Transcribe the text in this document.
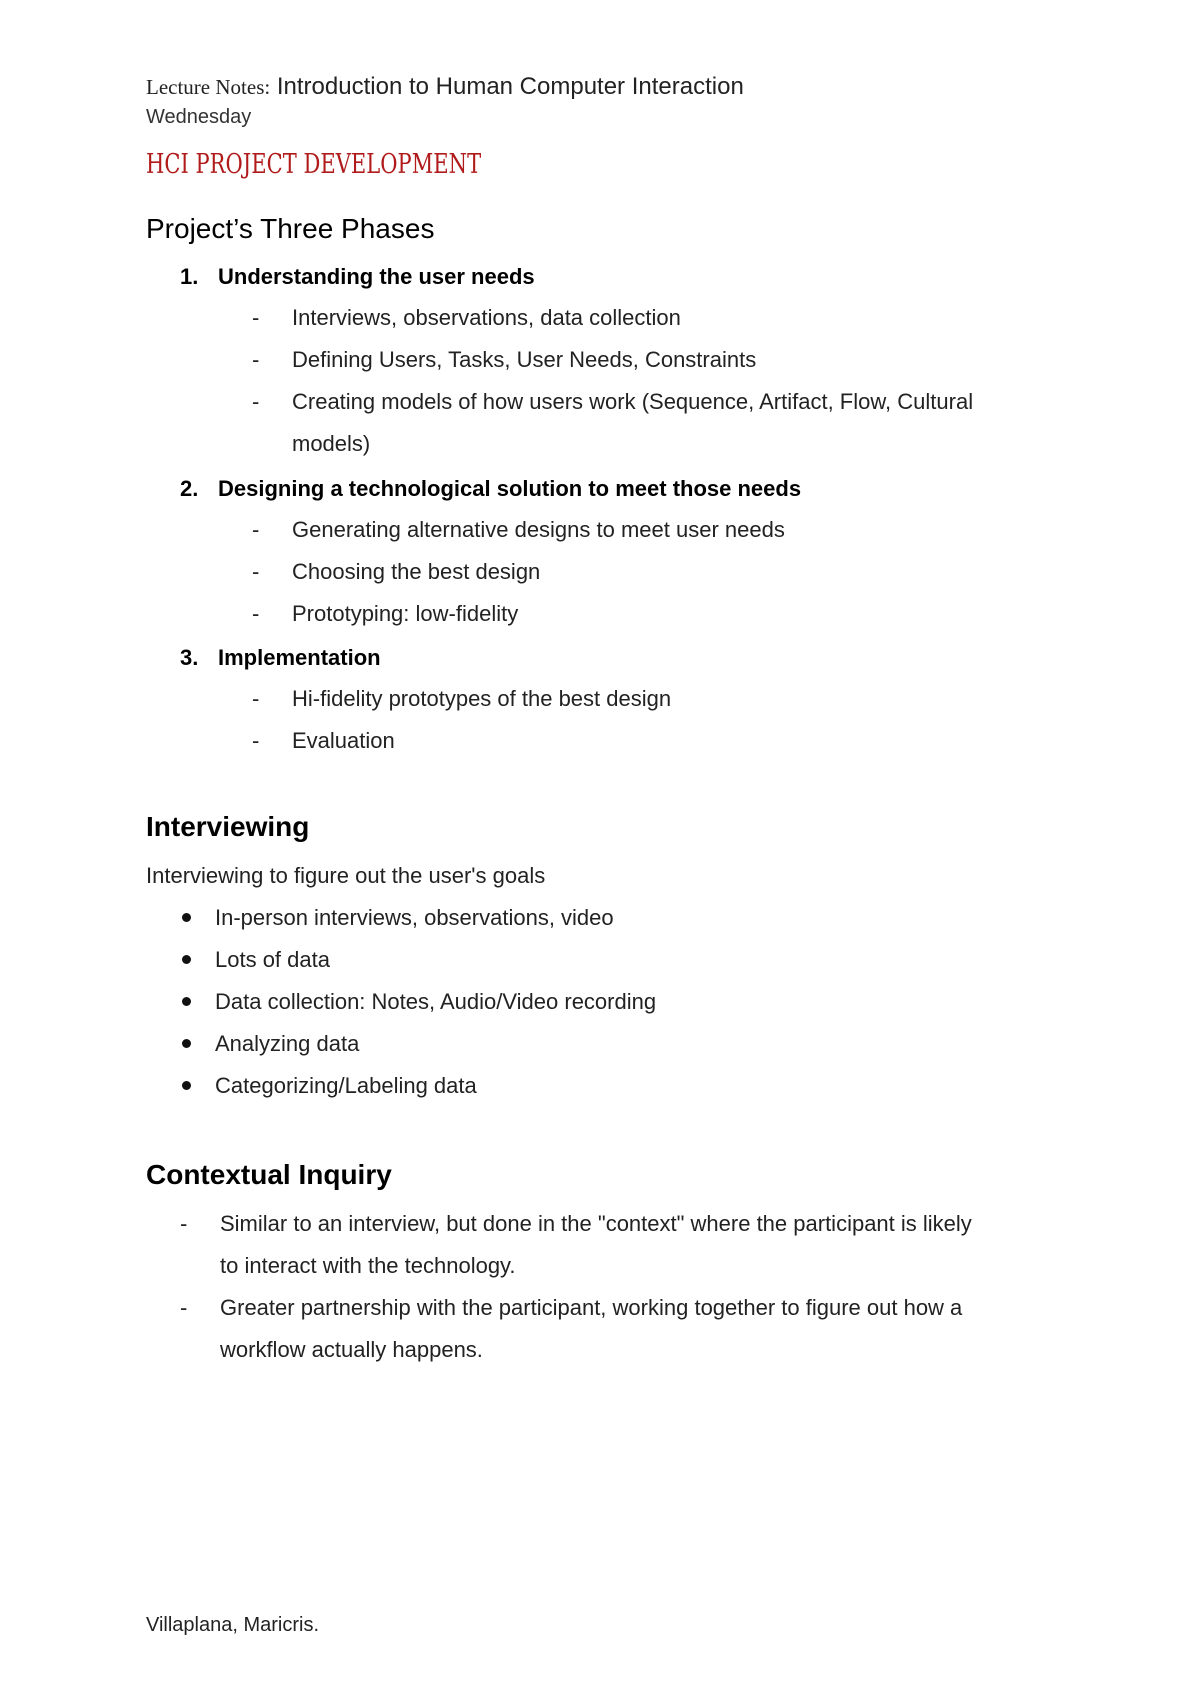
Lecture Notes: Introduction to Human Computer Interaction
Wednesday
HCI PROJECT DEVELOPMENT
Project’s Three Phases
1. Understanding the user needs
- Interviews, observations, data collection
- Defining Users, Tasks, User Needs, Constraints
- Creating models of how users work (Sequence, Artifact, Flow, Cultural
models)
2. Designing a technological solution to meet those needs
- Generating alternative designs to meet user needs
- Choosing the best design
- Prototyping: low-fidelity
3. Implementation
- Hi-fidelity prototypes of the best design
- Evaluation
Interviewing
Interviewing to figure out the user's goals
In-person interviews, observations, video
Lots of data
Data collection: Notes, Audio/Video recording
Analyzing data
Categorizing/Labeling data
Contextual Inquiry
- Similar to an interview, but done in the "context" where the participant is likely
to interact with the technology.
- Greater partnership with the participant, working together to figure out how a
workflow actually happens.
Villaplana, Maricris.
